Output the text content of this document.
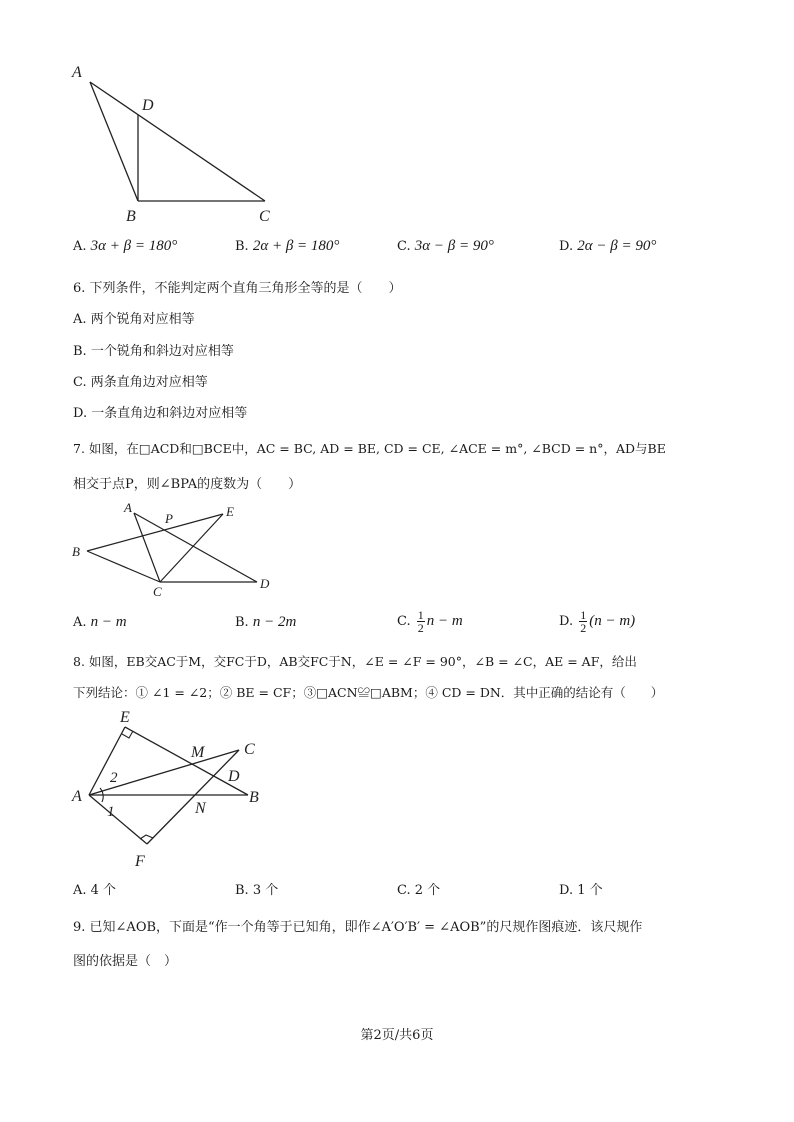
A
D
B	C
A. 3α + β = 180°	B. 2α + β = 180°	C. 3α − β = 90°	D. 2α − β = 90°
6. 下列条件，不能判定两个直角三角形全等的是（　　）
A. 两个锐角对应相等
B. 一个锐角和斜边对应相等
C. 两条直角边对应相等
D. 一条直角边和斜边对应相等
7. 如图，在□ACD和□BCE中，AC = BC, AD = BE, CD = CE, ∠ACE = m°, ∠BCD = n°，AD与BE
相交于点P，则∠BPA的度数为（　　）
A
P	E
B
C
D
A. n − m	B. n − 2m	C. $\frac{1}{2}$ n − m	D. $\frac{1}{2} (n - m)$
8. 如图，EB交AC于M，交FC于D，AB交FC于N，∠E = ∠F = 90°，∠B = ∠C，AE = AF，给出
下列结论：① ∠1 = ∠2；② BE = CF；③□ACN≌□ABM；④ CD = DN．其中正确的结论有（　　）
E
M C
2	D
A	B
1	N
F
A. 4 个	B. 3 个	C. 2 个	D. 1 个
9. 已知∠AOB，下面是“作一个角等于已知角，即作∠A′O′B′ = ∠AOB”的尺规作图痕迹．该尺规作
图的依据是（　）
第2页/共6页
